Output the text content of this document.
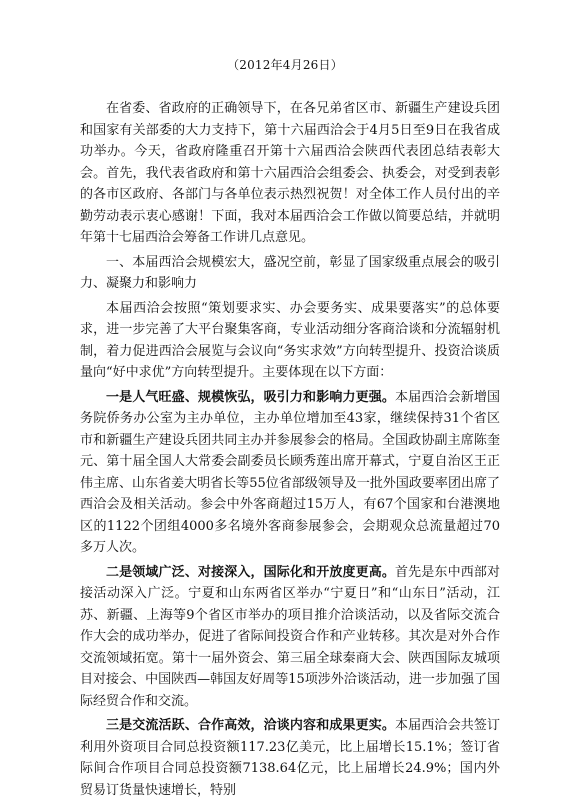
（2012年4月26日）

在省委、省政府的正确领导下，在各兄弟省区市、新疆生产建设兵团和国家有关部委的大力支持下，第十六届西洽会于4月5日至9日在我省成功举办。今天，省政府隆重召开第十六届西洽会陕西代表团总结表彰大会。首先，我代表省政府和第十六届西洽会组委会、执委会，对受到表彰的各市区政府、各部门与各单位表示热烈祝贺！对全体工作人员付出的辛勤劳动表示衷心感谢！下面，我对本届西洽会工作做以简要总结，并就明年第十七届西洽会筹备工作讲几点意见。

一、本届西洽会规模宏大，盛况空前，彰显了国家级重点展会的吸引力、凝聚力和影响力

本届西洽会按照“策划要求实、办会要务实、成果要落实”的总体要求，进一步完善了大平台聚集客商，专业活动细分客商洽谈和分流辐射机制，着力促进西洽会展览与会议向“务实求效”方向转型提升、投资洽谈质量向“好中求优”方向转型提升。主要体现在以下方面：

一是人气旺盛、规模恢弘，吸引力和影响力更强。本届西洽会新增国务院侨务办公室为主办单位，主办单位增加至43家，继续保持31个省区市和新疆生产建设兵团共同主办并参展参会的格局。全国政协副主席陈奎元、第十届全国人大常委会副委员长顾秀莲出席开幕式，宁夏自治区王正伟主席、山东省姜大明省长等55位省部级领导及一批外国政要率团出席了西洽会及相关活动。参会中外客商超过15万人，有67个国家和台港澳地区的1122个团组4000多名境外客商参展参会，会期观众总流量超过70多万人次。

二是领域广泛、对接深入，国际化和开放度更高。首先是东中西部对接活动深入广泛。宁夏和山东两省区举办“宁夏日”和“山东日”活动，江苏、新疆、上海等9个省区市举办的项目推介洽谈活动，以及省际交流合作大会的成功举办，促进了省际间投资合作和产业转移。其次是对外合作交流领域拓宽。第十一届外资会、第三届全球秦商大会、陕西国际友城项目对接会、中国陕西—韩国友好周等15项涉外洽谈活动，进一步加强了国际经贸合作和交流。

三是交流活跃、合作高效，洽谈内容和成果更实。本届西洽会共签订利用外资项目合同总投资额117.23亿美元，比上届增长15.1%；签订省际间合作项目合同总投资额7138.64亿元，比上届增长24.9%；国内外贸易订货量快速增长，特别
